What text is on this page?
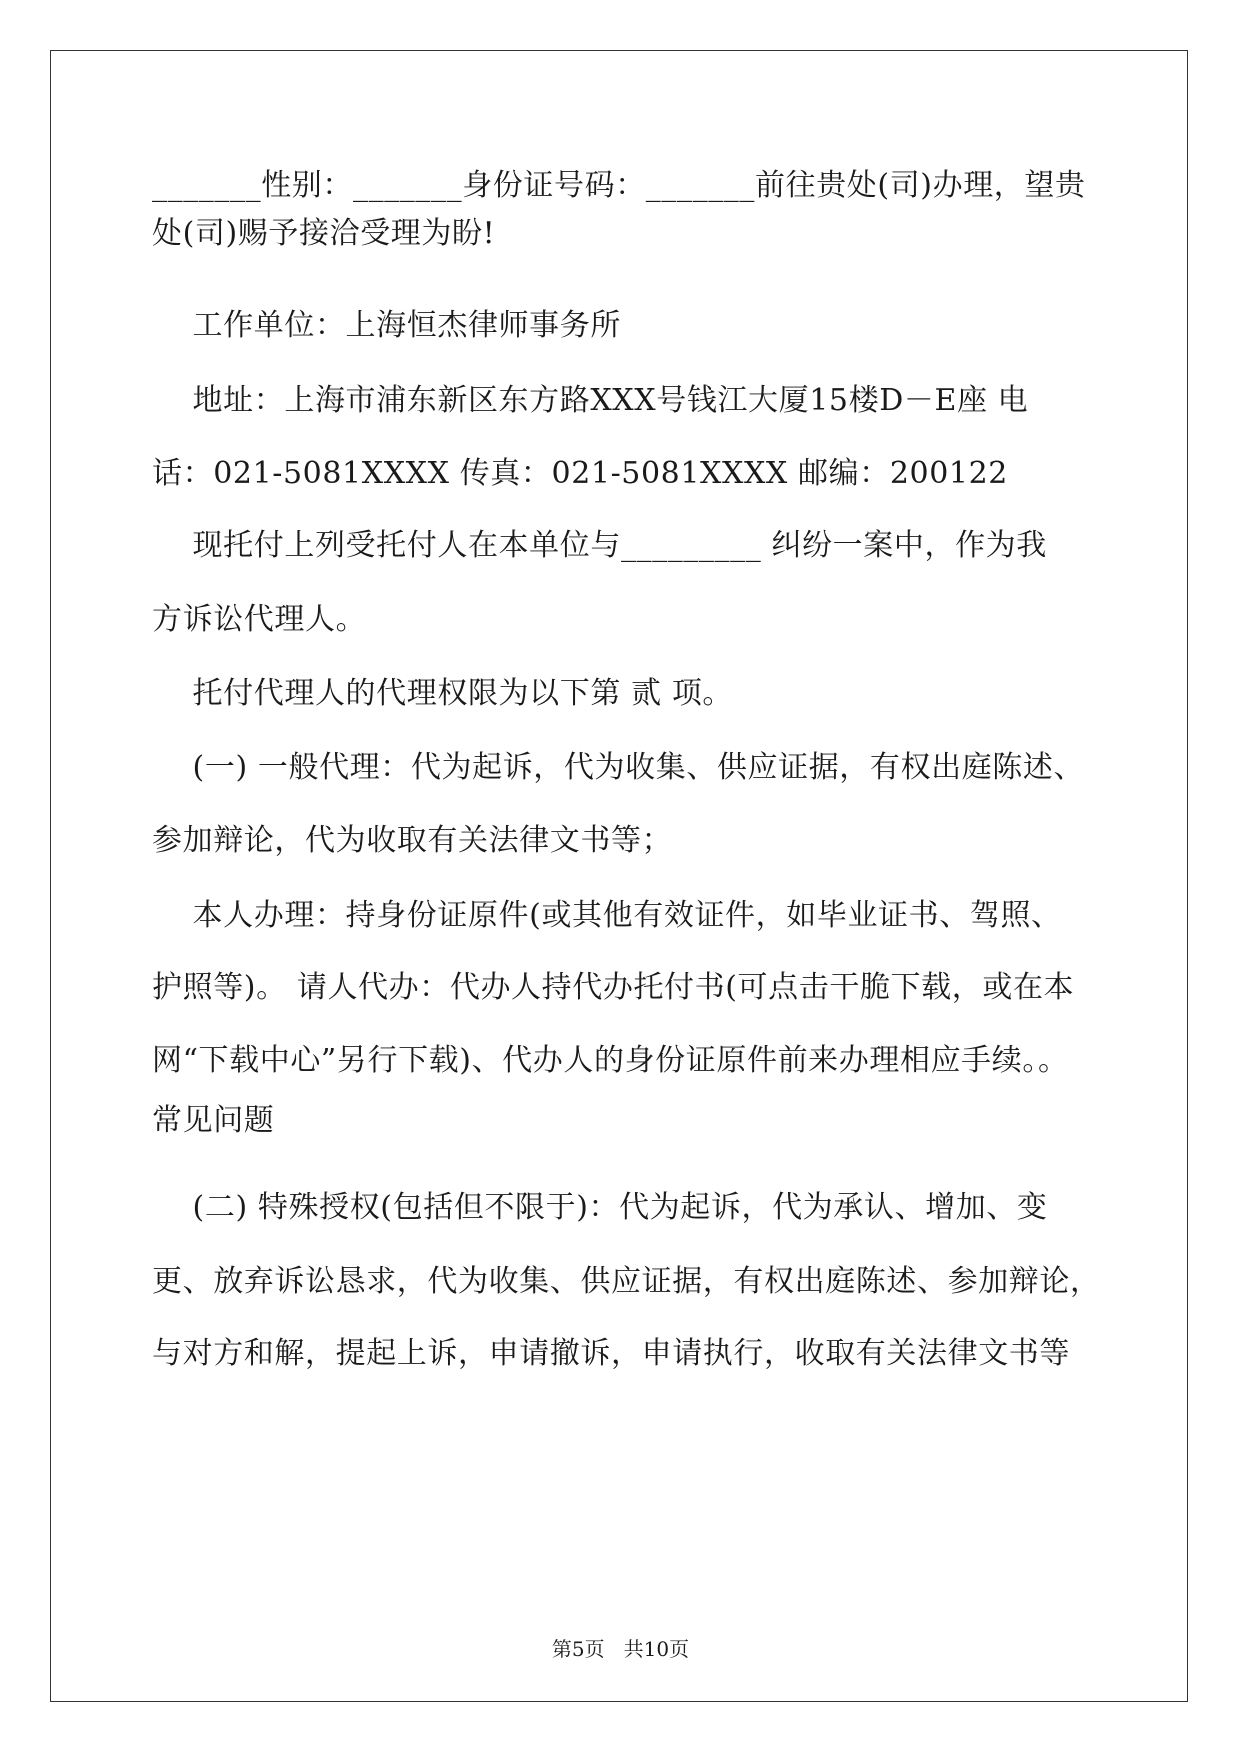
_______性别：_______身份证号码：_______前往贵处(司)办理，望贵
处(司)赐予接洽受理为盼!
工作单位：上海恒杰律师事务所
地址：上海市浦东新区东方路XXX号钱江大厦15楼D－E座 电
话：021-5081XXXX 传真：021-5081XXXX 邮编：200122
现托付上列受托付人在本单位与_________ 纠纷一案中，作为我
方诉讼代理人。
托付代理人的代理权限为以下第 贰 项。
(一) 一般代理：代为起诉，代为收集、供应证据，有权出庭陈述、
参加辩论，代为收取有关法律文书等；
本人办理：持身份证原件(或其他有效证件，如毕业证书、驾照、
护照等)。 请人代办：代办人持代办托付书(可点击干脆下载，或在本
网“下载中心”另行下载)、代办人的身份证原件前来办理相应手续。。
常见问题
(二) 特殊授权(包括但不限于)：代为起诉，代为承认、增加、变
更、放弃诉讼恳求，代为收集、供应证据，有权出庭陈述、参加辩论，
与对方和解，提起上诉，申请撤诉，申请执行，收取有关法律文书等
第5页   共10页
